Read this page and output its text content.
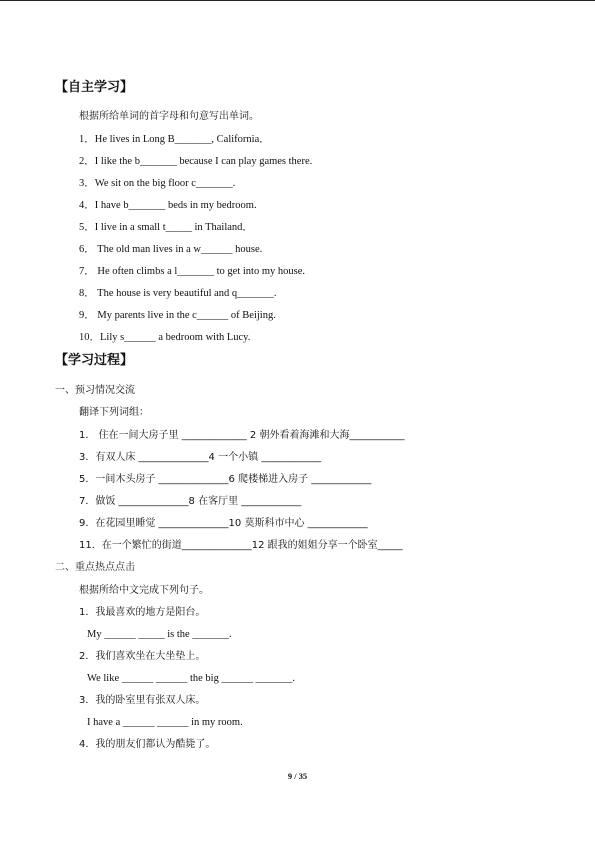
【自主学习】
根据所给单词的首字母和句意写出单词。
1．He lives in Long B_______, California．
2．I like the b_______ because I can play games there.
3．We sit on the big floor c_______.
4．I have b_______ beds in my bedroom.
5．I live in a small t_____ in Thailand．
6． The old man lives in a w______ house.
7． He often climbs a l_______ to get into my house.
8． The house is very beautiful and q_______.
9． My parents live in the c______ of Beijing.
10．Lily s______ a bedroom with Lucy.
【学习过程】
一、预习情况交流
翻译下列词组：
1． 住在一间大房子里 _____________ 2 朝外看着海滩和大海___________
3．有双人床 ______________4 一个小镇 ____________
5．一间木头房子 ______________6 爬楼梯进入房子 ____________
7．做饭 ______________8 在客厅里 ____________
9．在花园里睡觉 ______________10 莫斯科市中心 ____________
11．在一个繁忙的街道______________12 跟我的姐姐分享一个卧室_____
二、重点热点点击
根据所给中文完成下列句子。
1．我最喜欢的地方是阳台。
My ______ _____ is the _______.
2．我们喜欢坐在大坐垫上。
We like ______ ______ the big ______ _______.
3．我的卧室里有张双人床。
I have a ______ ______ in my room.
4．我的朋友们都认为酷毙了。
9 / 35
